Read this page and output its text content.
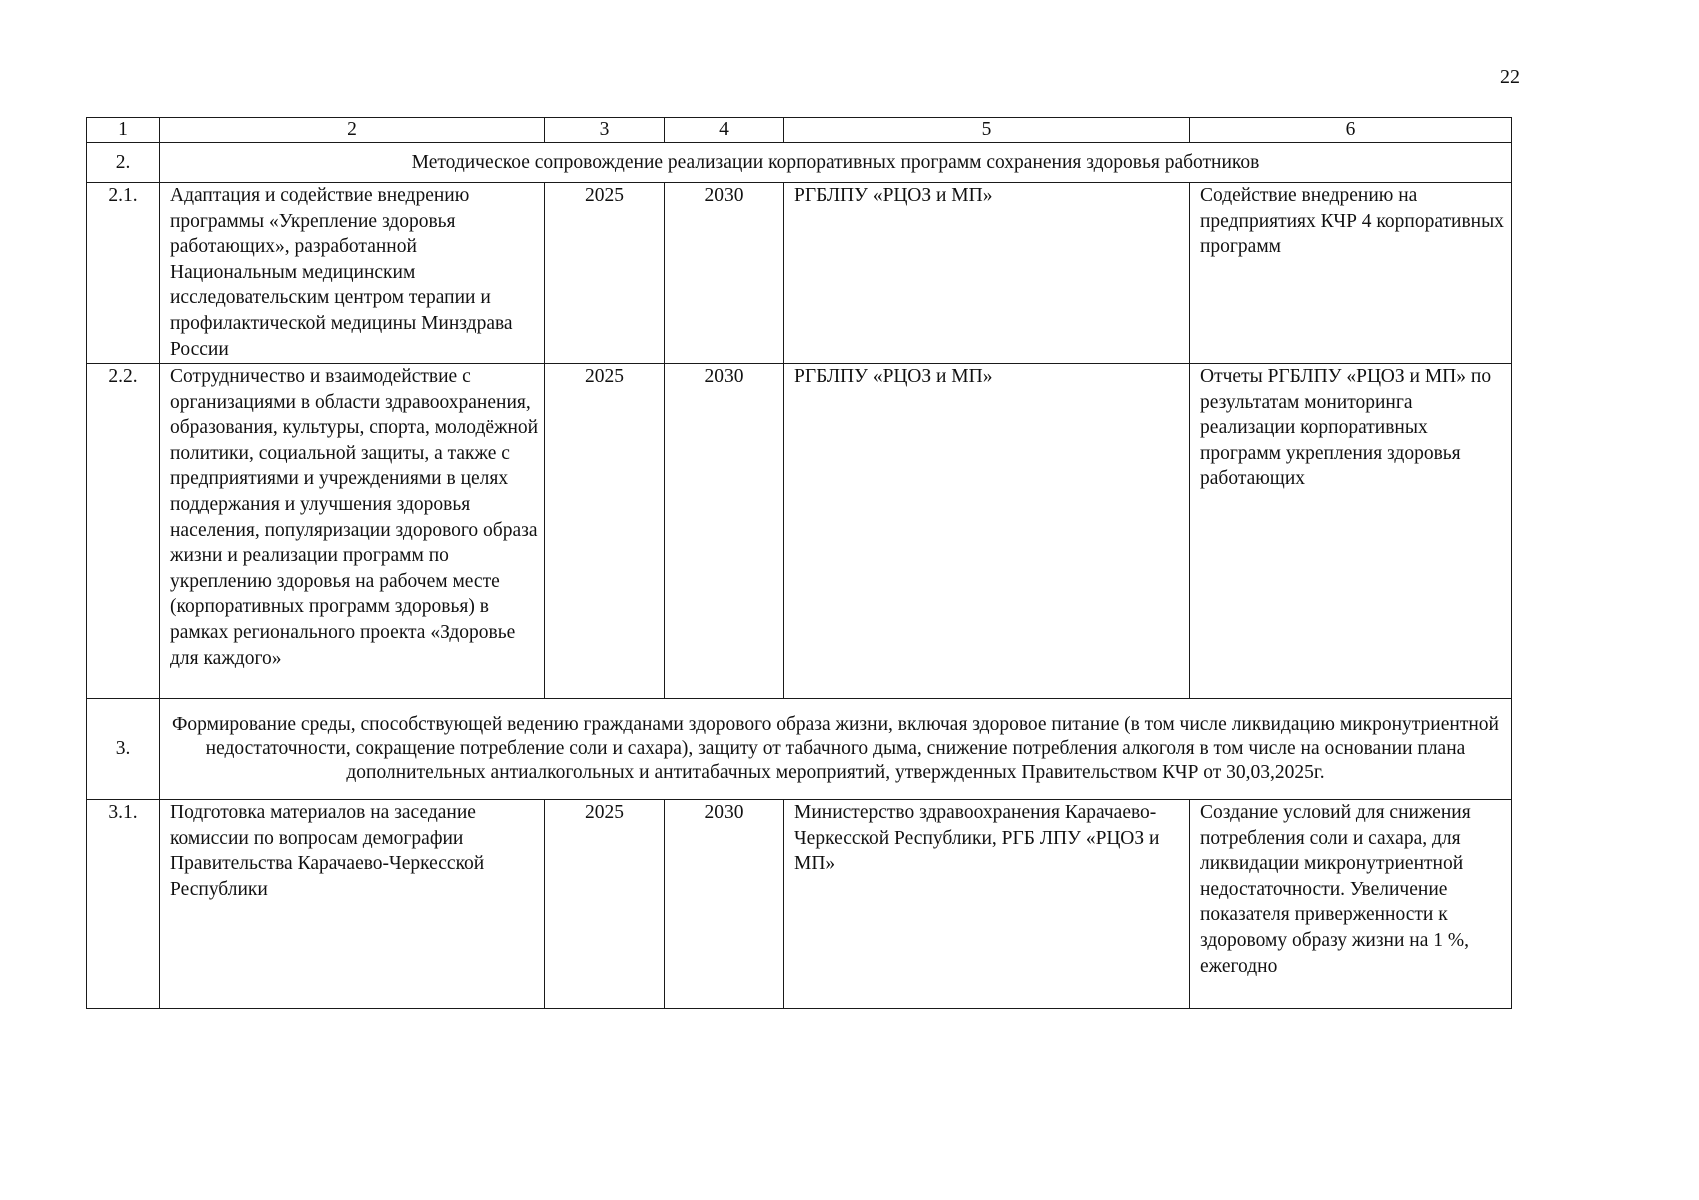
22
1	2	3	4	5	6
2.	Методическое сопровождение реализации корпоративных программ сохранения здоровья работников				
2.1.	Адаптация и содействие внедрению программы «Укрепление здоровья работающих», разработанной Национальным медицинским исследовательским центром терапии и профилактической медицины Минздрава России	2025	2030	РГБЛПУ «РЦОЗ и МП»	Содействие внедрению на предприятиях КЧР 4 корпоративных программ
2.2.	Сотрудничество и взаимодействие с организациями в области здравоохранения, образования, культуры, спорта, молодёжной политики, социальной защиты, а также с предприятиями и учреждениями в целях поддержания и улучшения здоровья населения, популяризации здорового образа жизни и реализации программ по укреплению здоровья на рабочем месте (корпоративных программ здоровья) в рамках регионального проекта «Здоровье для каждого»	2025	2030	РГБЛПУ «РЦОЗ и МП»	Отчеты РГБЛПУ «РЦОЗ и МП» по результатам мониторинга реализации корпоративных программ укрепления здоровья работающих
3.	Формирование среды, способствующей ведению гражданами здорового образа жизни, включая здоровое питание (в том числе ликвидацию микронутриентной недостаточности, сокращение потребление соли и сахара), защиту от табачного дыма, снижение потребления алкоголя в том числе на основании плана дополнительных антиалкогольных и антитабачных мероприятий, утвержденных Правительством КЧР от 30,03,2025г.				
3.1.	Подготовка материалов на заседание комиссии по вопросам демографии Правительства Карачаево-Черкесской Республики	2025	2030	Министерство здравоохранения Карачаево-Черкесской Республики, РГБ ЛПУ «РЦОЗ и МП»	Создание условий для снижения потребления соли и сахара, для ликвидации микронутриентной недостаточности. Увеличение показателя приверженности к здоровому образу жизни на 1 %, ежегодно
